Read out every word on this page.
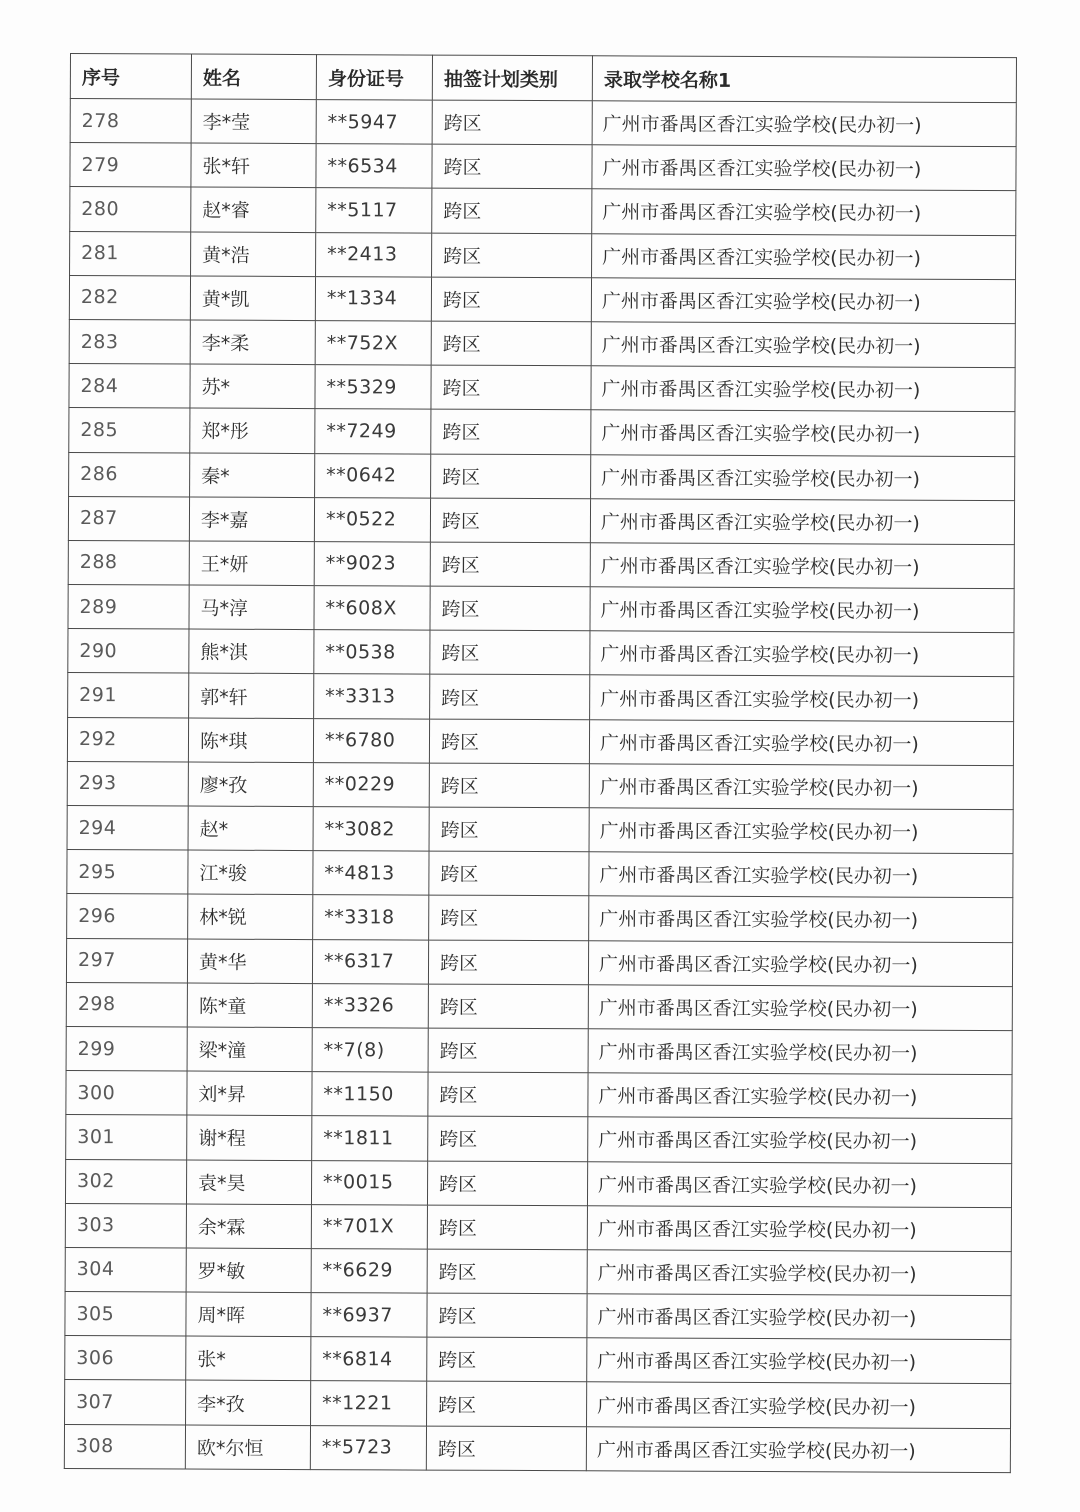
序号	姓名	身份证号	抽签计划类别	录取学校名称1
278	李*莹	**5947	跨区	广州市番禺区香江实验学校(民办初一)
279	张*轩	**6534	跨区	广州市番禺区香江实验学校(民办初一)
280	赵*睿	**5117	跨区	广州市番禺区香江实验学校(民办初一)
281	黄*浩	**2413	跨区	广州市番禺区香江实验学校(民办初一)
282	黄*凯	**1334	跨区	广州市番禺区香江实验学校(民办初一)
283	李*柔	**752X	跨区	广州市番禺区香江实验学校(民办初一)
284	苏*	**5329	跨区	广州市番禺区香江实验学校(民办初一)
285	郑*彤	**7249	跨区	广州市番禺区香江实验学校(民办初一)
286	秦*	**0642	跨区	广州市番禺区香江实验学校(民办初一)
287	李*嘉	**0522	跨区	广州市番禺区香江实验学校(民办初一)
288	王*妍	**9023	跨区	广州市番禺区香江实验学校(民办初一)
289	马*淳	**608X	跨区	广州市番禺区香江实验学校(民办初一)
290	熊*淇	**0538	跨区	广州市番禺区香江实验学校(民办初一)
291	郭*轩	**3313	跨区	广州市番禺区香江实验学校(民办初一)
292	陈*琪	**6780	跨区	广州市番禺区香江实验学校(民办初一)
293	廖*孜	**0229	跨区	广州市番禺区香江实验学校(民办初一)
294	赵*	**3082	跨区	广州市番禺区香江实验学校(民办初一)
295	江*骏	**4813	跨区	广州市番禺区香江实验学校(民办初一)
296	林*锐	**3318	跨区	广州市番禺区香江实验学校(民办初一)
297	黄*华	**6317	跨区	广州市番禺区香江实验学校(民办初一)
298	陈*童	**3326	跨区	广州市番禺区香江实验学校(民办初一)
299	梁*潼	**7(8)	跨区	广州市番禺区香江实验学校(民办初一)
300	刘*昇	**1150	跨区	广州市番禺区香江实验学校(民办初一)
301	谢*程	**1811	跨区	广州市番禺区香江实验学校(民办初一)
302	袁*昊	**0015	跨区	广州市番禺区香江实验学校(民办初一)
303	余*霖	**701X	跨区	广州市番禺区香江实验学校(民办初一)
304	罗*敏	**6629	跨区	广州市番禺区香江实验学校(民办初一)
305	周*晖	**6937	跨区	广州市番禺区香江实验学校(民办初一)
306	张*	**6814	跨区	广州市番禺区香江实验学校(民办初一)
307	李*孜	**1221	跨区	广州市番禺区香江实验学校(民办初一)
308	欧*尔恒	**5723	跨区	广州市番禺区香江实验学校(民办初一)
